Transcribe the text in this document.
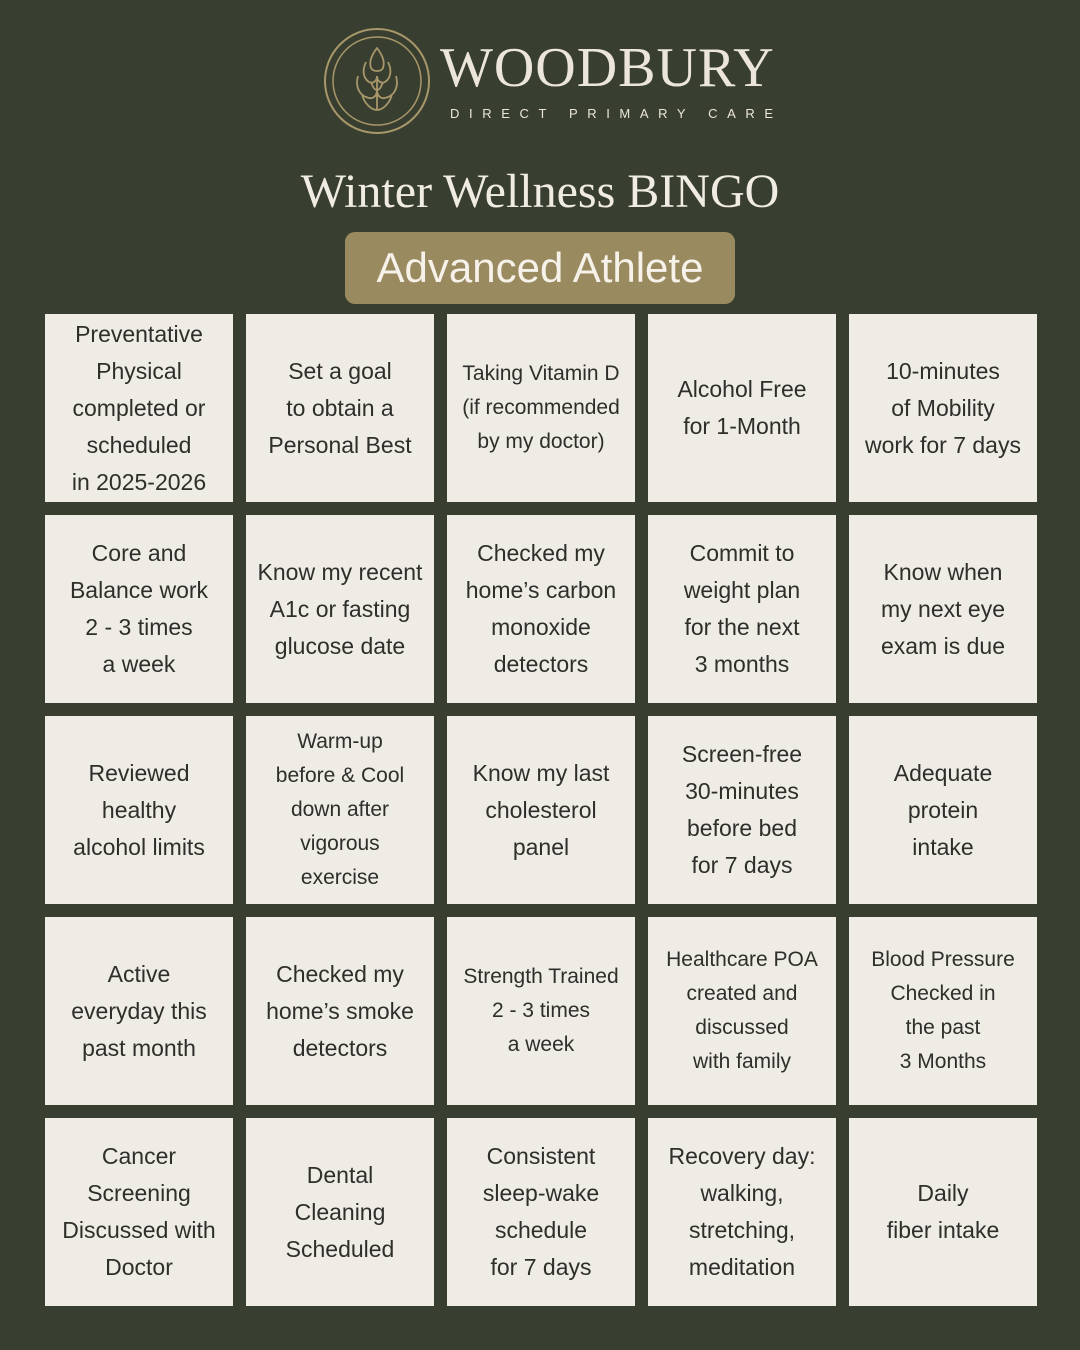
WOODBURY
DIRECT PRIMARY CARE
Winter Wellness BINGO
Advanced Athlete
Preventative
Physical
completed or
scheduled
in 2025-2026
Set a goal
to obtain a
Personal Best
Taking Vitamin D
(if recommended
by my doctor)
Alcohol Free
for 1-Month
10-minutes
of Mobility
work for 7 days
Core and
Balance work
2 - 3 times
a week
Know my recent
A1c or fasting
glucose date
Checked my
home’s carbon
monoxide
detectors
Commit to
weight plan
for the next
3 months
Know when
my next eye
exam is due
Reviewed
healthy
alcohol limits
Warm-up
before & Cool
down after
vigorous
exercise
Know my last
cholesterol
panel
Screen-free
30-minutes
before bed
for 7 days
Adequate
protein
intake
Active
everyday this
past month
Checked my
home’s smoke
detectors
Strength Trained
2 - 3 times
a week
Healthcare POA
created and
discussed
with family
Blood Pressure
Checked in
the past
3 Months
Cancer
Screening
Discussed with
Doctor
Dental
Cleaning
Scheduled
Consistent
sleep-wake
schedule
for 7 days
Recovery day:
walking,
stretching,
meditation
Daily
fiber intake
